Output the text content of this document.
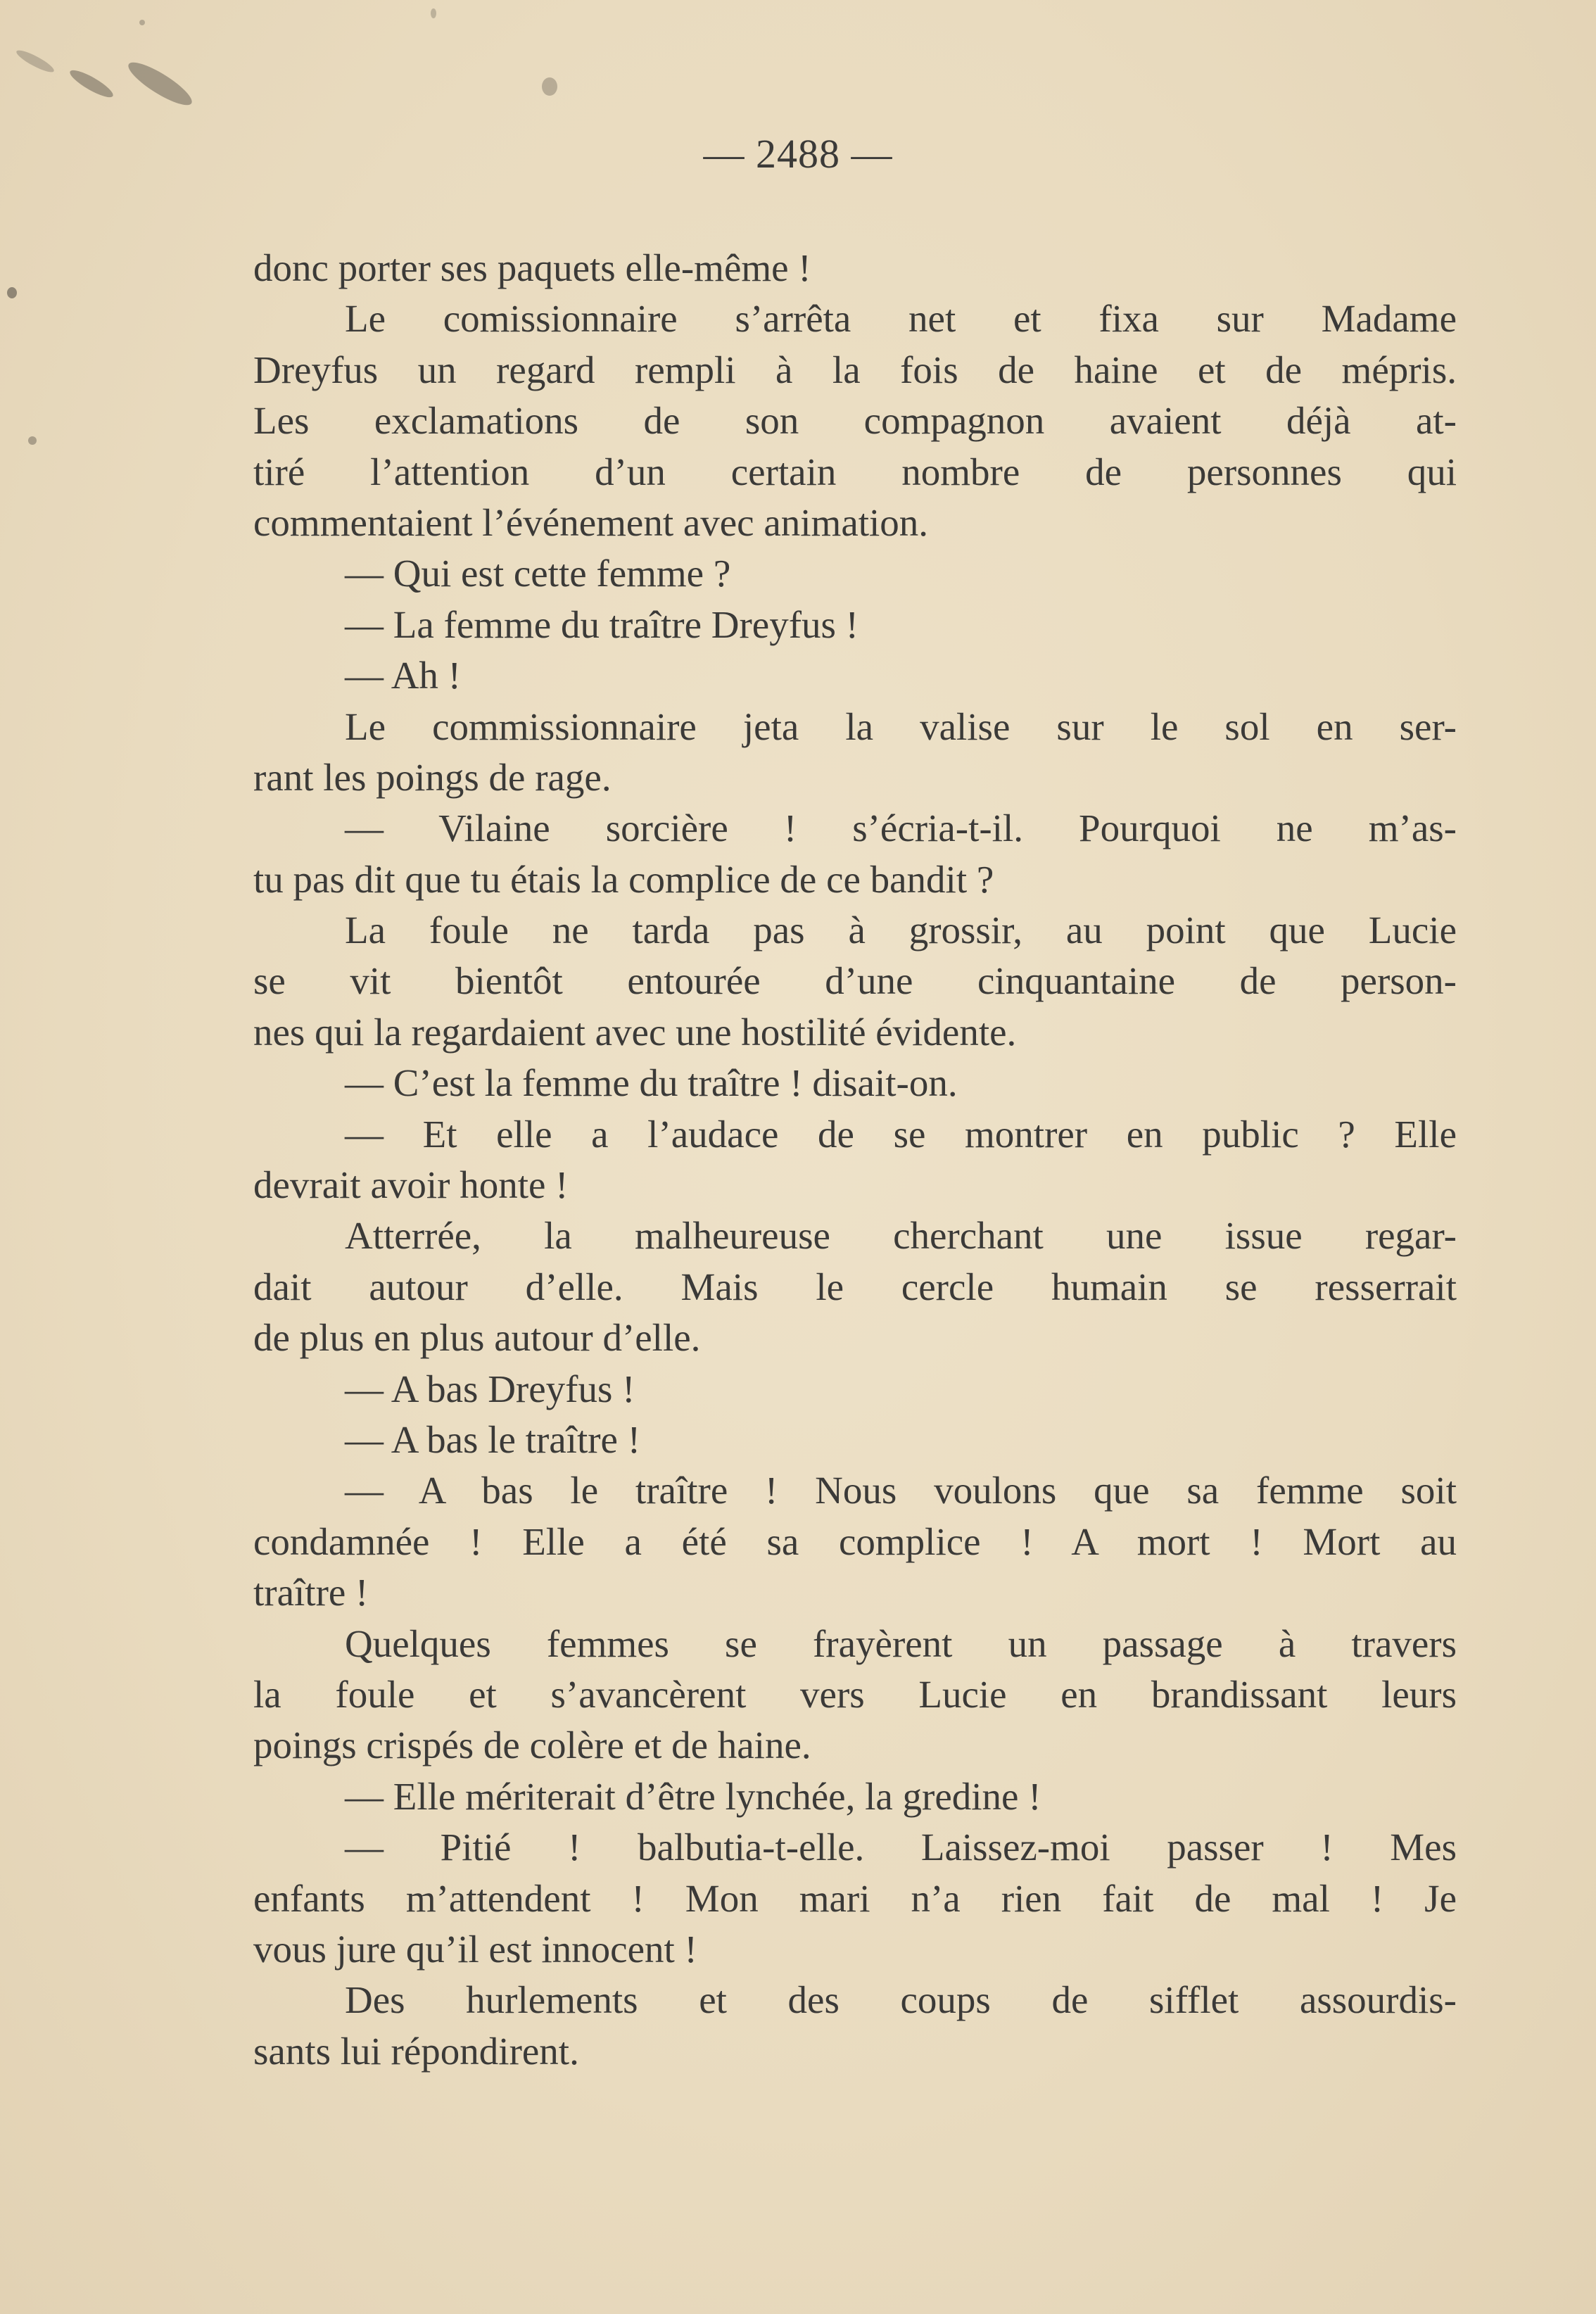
— 2488 —
donc porter ses paquets elle-même !
Le comissionnaire s’arrêta net et fixa sur Madame
Dreyfus un regard rempli à la fois de haine et de mépris.
Les exclamations de son compagnon avaient déjà at-
tiré l’attention d’un certain nombre de personnes qui
commentaient l’événement avec animation.
— Qui est cette femme ?
— La femme du traître Dreyfus !
— Ah !
Le commissionnaire jeta la valise sur le sol en ser-
rant les poings de rage.
— Vilaine sorcière ! s’écria-t-il. Pourquoi ne m’as-
tu pas dit que tu étais la complice de ce bandit ?
La foule ne tarda pas à grossir, au point que Lucie
se vit bientôt entourée d’une cinquantaine de person-
nes qui la regardaient avec une hostilité évidente.
— C’est la femme du traître ! disait-on.
— Et elle a l’audace de se montrer en public ? Elle
devrait avoir honte !
Atterrée, la malheureuse cherchant une issue regar-
dait autour d’elle. Mais le cercle humain se resserrait
de plus en plus autour d’elle.
— A bas Dreyfus !
— A bas le traître !
— A bas le traître ! Nous voulons que sa femme soit
condamnée ! Elle a été sa complice ! A mort ! Mort au
traître !
Quelques femmes se frayèrent un passage à travers
la foule et s’avancèrent vers Lucie en brandissant leurs
poings crispés de colère et de haine.
— Elle mériterait d’être lynchée, la gredine !
— Pitié ! balbutia-t-elle. Laissez-moi passer ! Mes
enfants m’attendent ! Mon mari n’a rien fait de mal ! Je
vous jure qu’il est innocent !
Des hurlements et des coups de sifflet assourdis-
sants lui répondirent.
